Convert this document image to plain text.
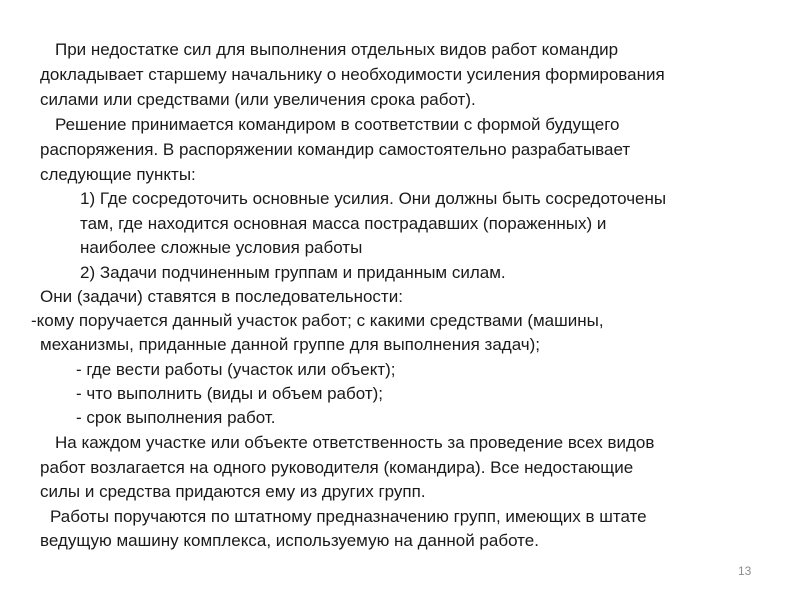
При недостатке сил для выполнения отдельных видов работ командир
докладывает старшему начальнику о необходимости усиления формирования
силами или средствами (или увеличения срока работ).
Решение принимается командиром в соответствии с формой будущего
распоряжения. В распоряжении командир самостоятельно разрабатывает
следующие пункты:
1) Где сосредоточить основные усилия. Они должны быть сосредоточены
там, где находится основная масса пострадавших (пораженных) и
наиболее сложные условия работы
2) Задачи подчиненным группам и приданным силам.
Они (задачи) ставятся в последовательности:
-кому поручается данный участок работ; с какими средствами (машины,
механизмы, приданные данной группе для выполнения задач);
- где вести работы (участок или объект);
- что выполнить (виды и объем работ);
- срок выполнения работ.
На каждом участке или объекте ответственность за проведение всех видов
работ возлагается на одного руководителя (командира). Все недостающие
силы и средства придаются ему из других групп.
Работы поручаются по штатному предназначению групп, имеющих в штате
ведущую машину комплекса, используемую на данной работе.
13
